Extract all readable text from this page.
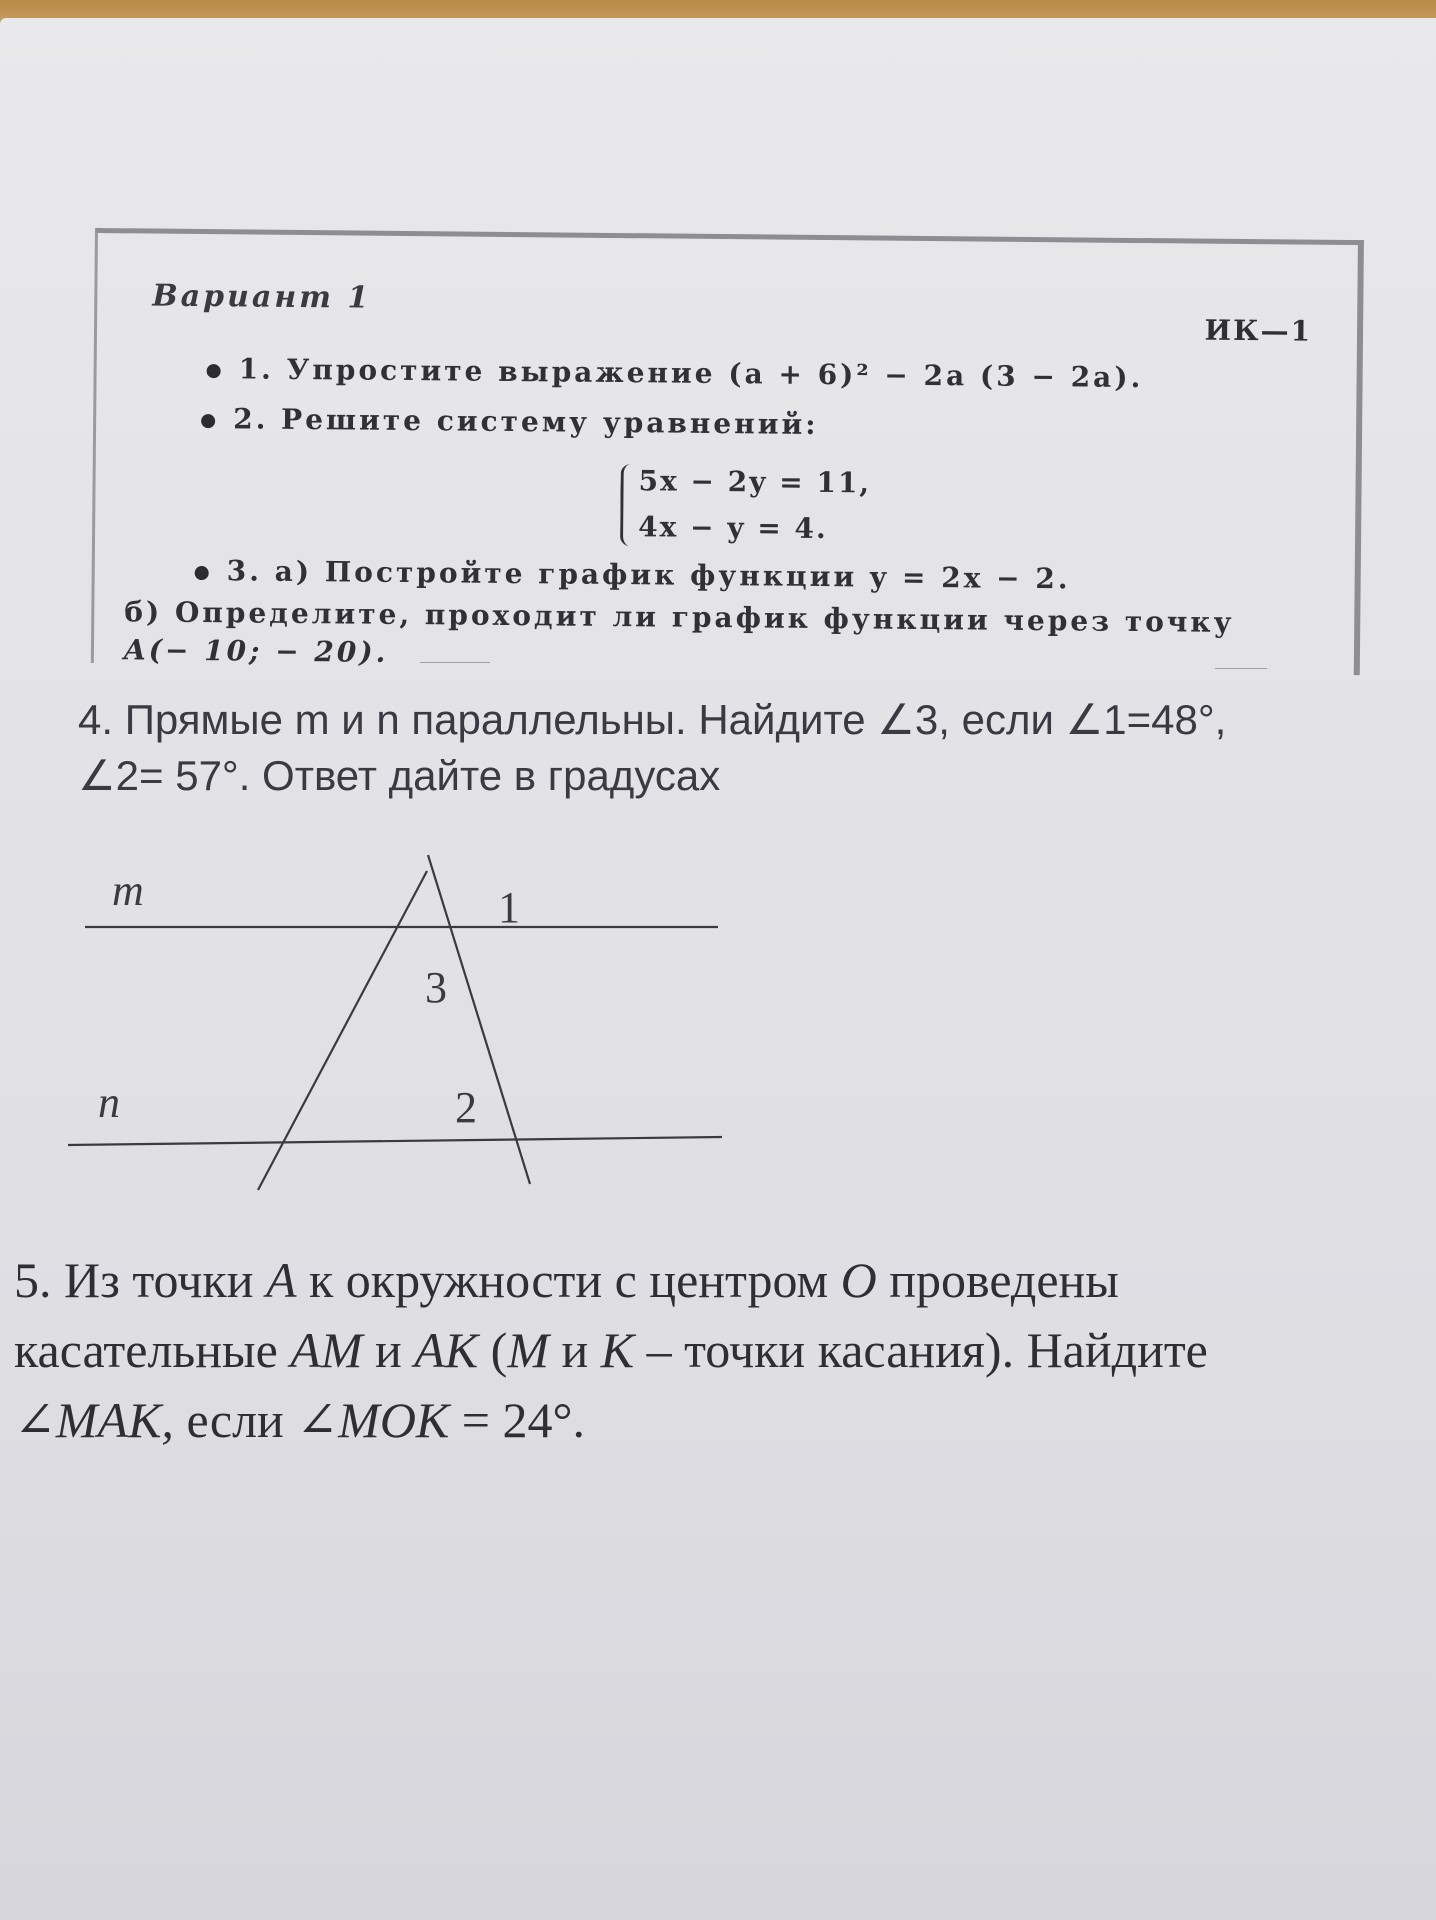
Вариант 1
ИК—1
1. Упростите выражение (a + 6)² − 2a (3 − 2a).
2. Решите систему уравнений:
5x − 2y = 11,
4x − y = 4.
3. а) Постройте график функции y = 2x − 2.
б) Определите, проходит ли график функции через точку
A(− 10; − 20).
4. Прямые m и n параллельны. Найдите ∠3, если ∠1=48°,
∠2= 57°. Ответ дайте в градусах
m
n
1
3
2
5. Из точки A к окружности с центром O проведены
касательные AM и AK (M и K – точки касания). Найдите
∠MAK, если ∠MOK = 24°.
